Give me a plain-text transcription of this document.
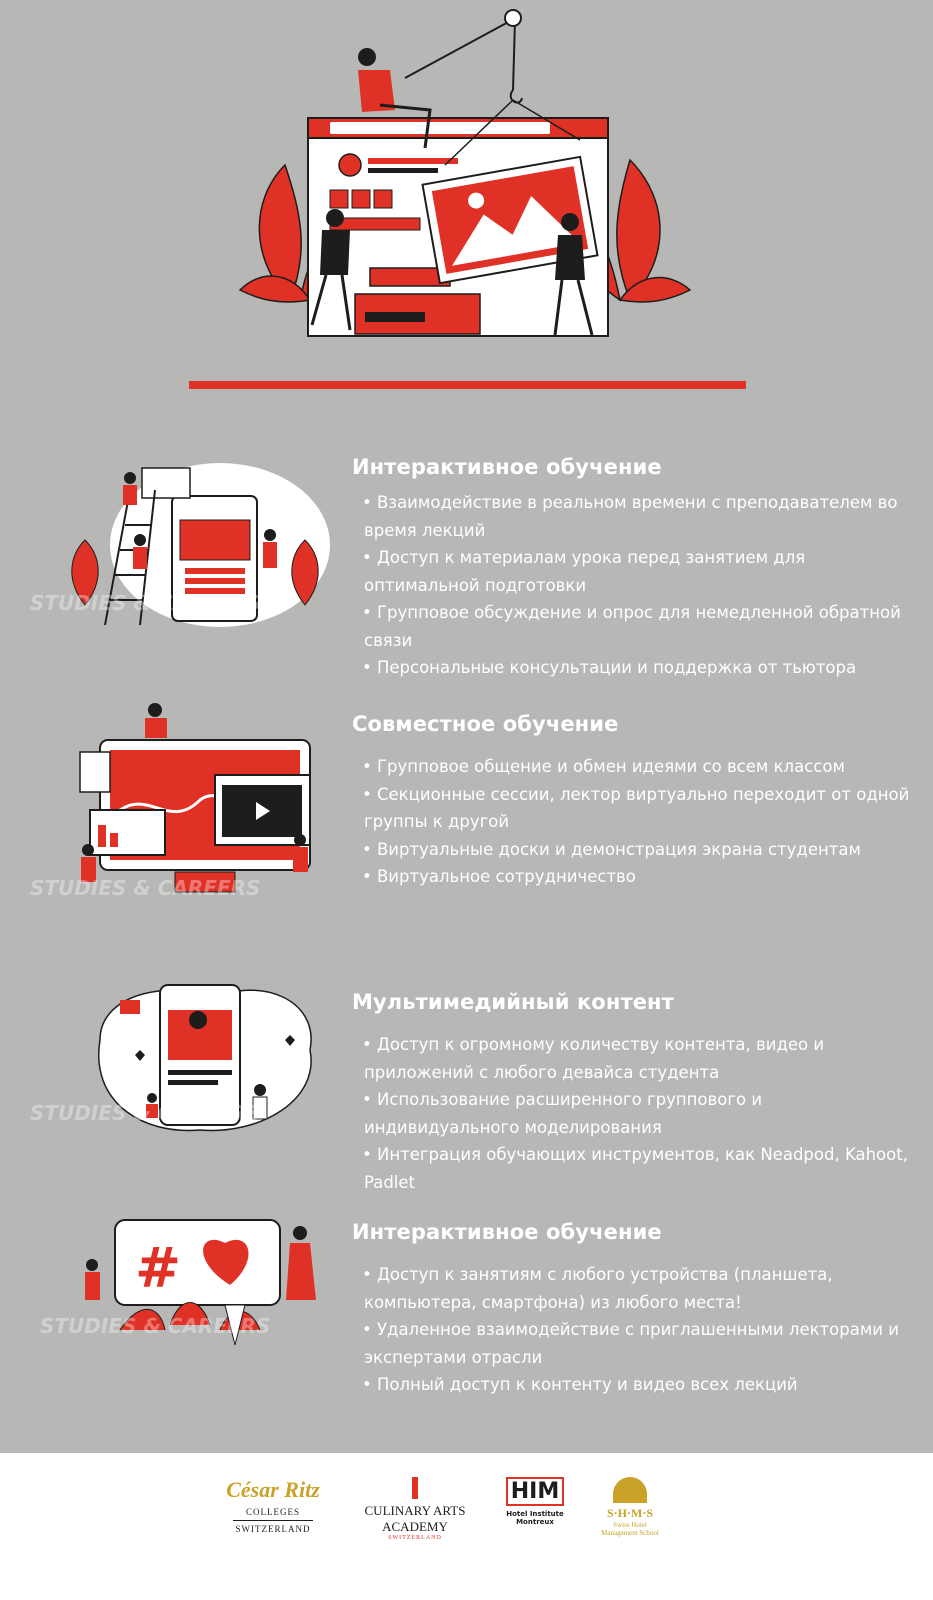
STUDIES & CAREERS
Интерактивное обучение
• Взаимодействие в реальном времени с преподавателем во время лекций
• Доступ к материалам урока перед занятием для оптимальной подготовки
• Групповое обсуждение и опрос для немедленной обратной связи
• Персональные консультации и поддержка от тьютора
STUDIES & CAREERS
Совместное обучение
• Групповое общение и обмен идеями со всем классом
• Секционные сессии, лектор виртуально переходит от одной группы к другой
• Виртуальные доски и демонстрация экрана студентам
• Виртуальное сотрудничество
STUDIES & CAREERS
Мультимедийный контент
• Доступ к огромному количеству контента, видео и приложений с любого девайса студента
• Использование расширенного группового и индивидуального моделирования
• Интеграция обучающих инструментов, как Neadpod, Kahoot, Padlet
#
STUDIES & CAREERS
Интерактивное обучение
• Доступ к занятиям с любого устройства (планшета, компьютера, смартфона) из любого места!
• Удаленное взаимодействие с приглашенными лекторами и экспертами отрасли
• Полный доступ к контенту и видео всех лекций
César Ritz
COLLEGES
SWITZERLAND
CULINARY ARTS
ACADEMY
SWITZERLAND
HIM
Hotel Institute
Montreux
S·H·M·S
Swiss Hotel
Management School
